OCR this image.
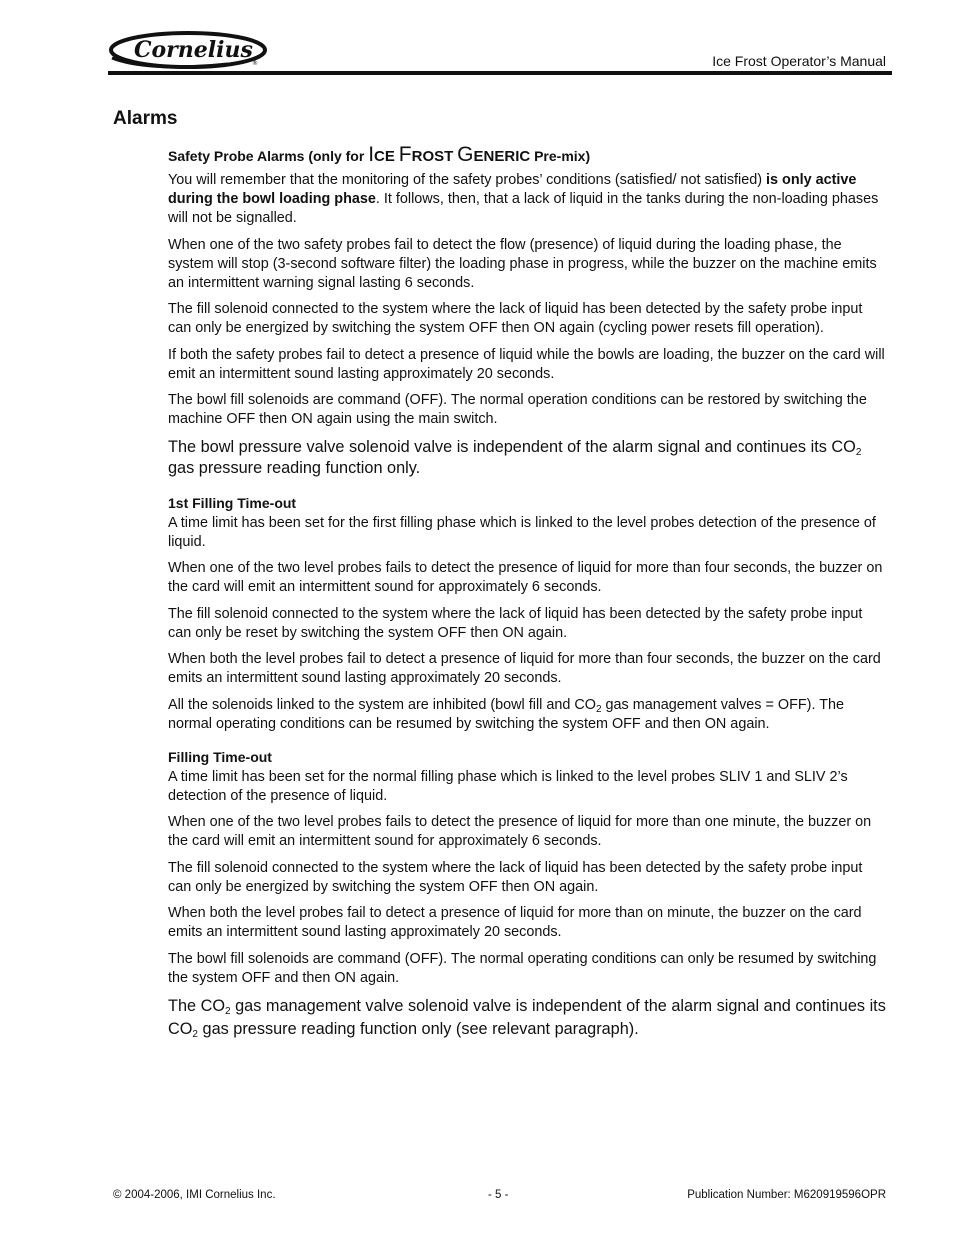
Cornelius
®	Ice Frost Operator’s Manual
Alarms
Safety Probe Alarms (only for ICE FROST GENERIC Pre-mix)

You will remember that the monitoring of the safety probes’ conditions (satisfied/ not satisfied) is only active during the bowl loading phase. It follows, then, that a lack of liquid in the tanks during the non-loading phases will not be signalled.

When one of the two safety probes fail to detect the flow (presence) of liquid during the loading phase, the system will stop (3-second software filter) the loading phase in progress, while the buzzer on the machine emits an intermittent warning signal lasting 6 seconds.

The fill solenoid connected to the system where the lack of liquid has been detected by the safety probe input can only be energized by switching the system OFF then ON again (cycling power resets fill operation).

If both the safety probes fail to detect a presence of liquid while the bowls are loading, the buzzer on the card will emit an intermittent sound lasting approximately 20 seconds.

The bowl fill solenoids are command (OFF). The normal operation conditions can be restored by switching the machine OFF then ON again using the main switch.

The bowl pressure valve solenoid valve is independent of the alarm signal and continues its $CO_2$ gas pressure reading function only.

1st Filling Time-out

A time limit has been set for the first filling phase which is linked to the level probes detection of the presence of liquid.

When one of the two level probes fails to detect the presence of liquid for more than four seconds, the buzzer on the card will emit an intermittent sound for approximately 6 seconds.

The fill solenoid connected to the system where the lack of liquid has been detected by the safety probe input can only be reset by switching the system OFF then ON again.

When both the level probes fail to detect a presence of liquid for more than four seconds, the buzzer on the card emits an intermittent sound lasting approximately 20 seconds.

All the solenoids linked to the system are inhibited (bowl fill and $CO_2$ gas management valves = OFF). The normal operating conditions can be resumed by switching the system OFF and then ON again.

Filling Time-out

A time limit has been set for the normal filling phase which is linked to the level probes SLIV 1 and SLIV 2’s detection of the presence of liquid.

When one of the two level probes fails to detect the presence of liquid for more than one minute, the buzzer on the card will emit an intermittent sound for approximately 6 seconds.

The fill solenoid connected to the system where the lack of liquid has been detected by the safety probe input can only be energized by switching the system OFF then ON again.

When both the level probes fail to detect a presence of liquid for more than on minute, the buzzer on the card emits an intermittent sound lasting approximately 20 seconds.

The bowl fill solenoids are command (OFF). The normal operating conditions can only be resumed by switching the system OFF and then ON again.

The $CO_2$ gas management valve solenoid valve is independent of the alarm signal and continues its $CO_2$ gas pressure reading function only (see relevant paragraph).

© 2004-2006, IMI Cornelius Inc.	- 5 -	Publication Number: M620919596OPR
